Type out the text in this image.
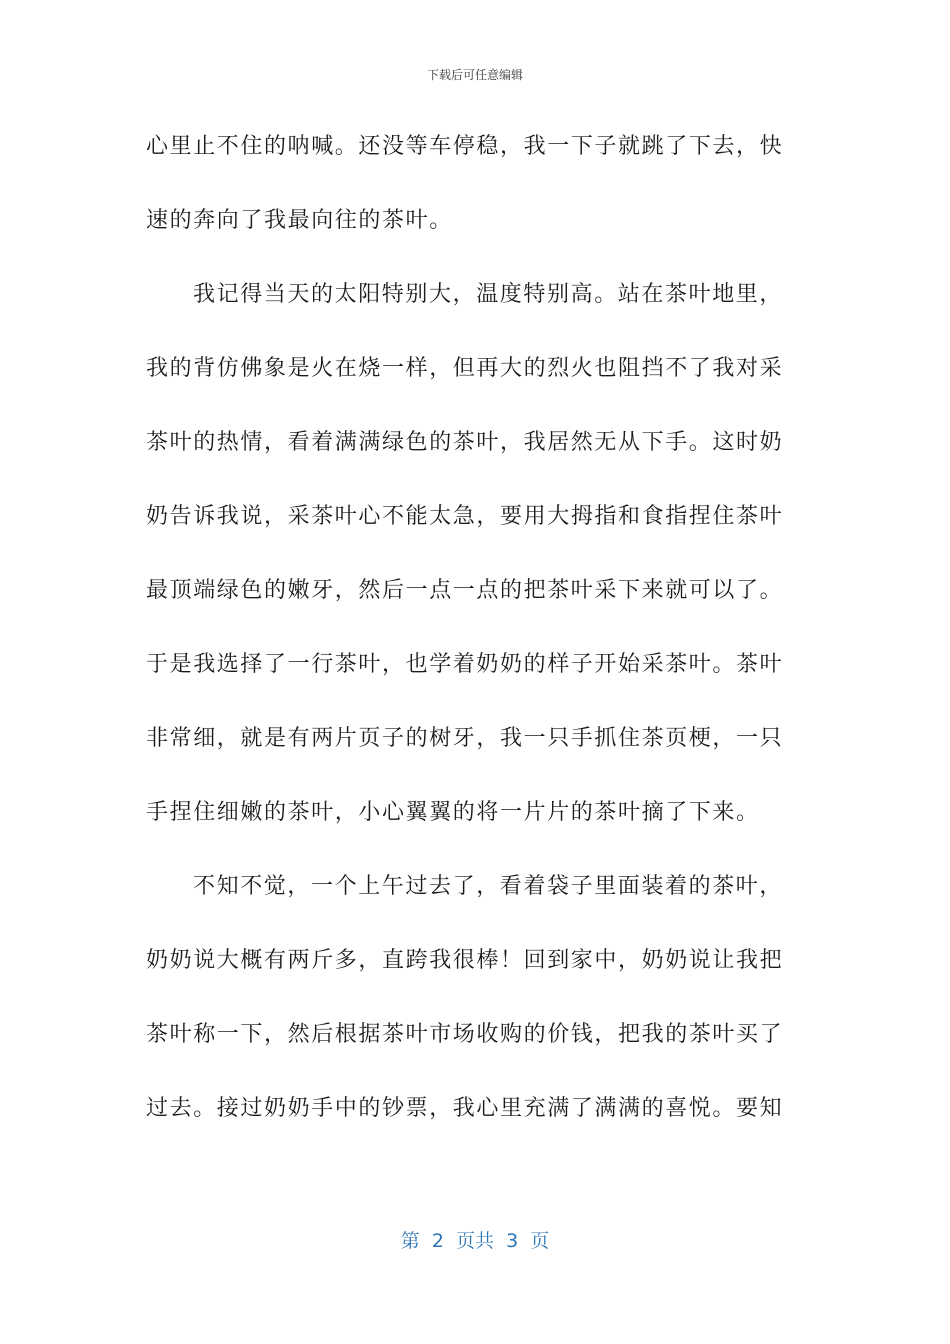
下载后可任意编辑
心里止不住的呐喊。还没等车停稳，我一下子就跳了下去，快
速的奔向了我最向往的茶叶。
我记得当天的太阳特别大，温度特别高。站在茶叶地里，
我的背仿佛象是火在烧一样，但再大的烈火也阻挡不了我对采
茶叶的热情，看着满满绿色的茶叶，我居然无从下手。这时奶
奶告诉我说，采茶叶心不能太急，要用大拇指和食指捏住茶叶
最顶端绿色的嫩牙，然后一点一点的把茶叶采下来就可以了。
于是我选择了一行茶叶，也学着奶奶的样子开始采茶叶。茶叶
非常细，就是有两片页子的树牙，我一只手抓住茶页梗，一只
手捏住细嫩的茶叶，小心翼翼的将一片片的茶叶摘了下来。
不知不觉，一个上午过去了，看着袋子里面装着的茶叶，
奶奶说大概有两斤多，直跨我很棒！回到家中，奶奶说让我把
茶叶称一下，然后根据茶叶市场收购的价钱，把我的茶叶买了
过去。接过奶奶手中的钞票，我心里充满了满满的喜悦。要知
第  2  页共  3  页
